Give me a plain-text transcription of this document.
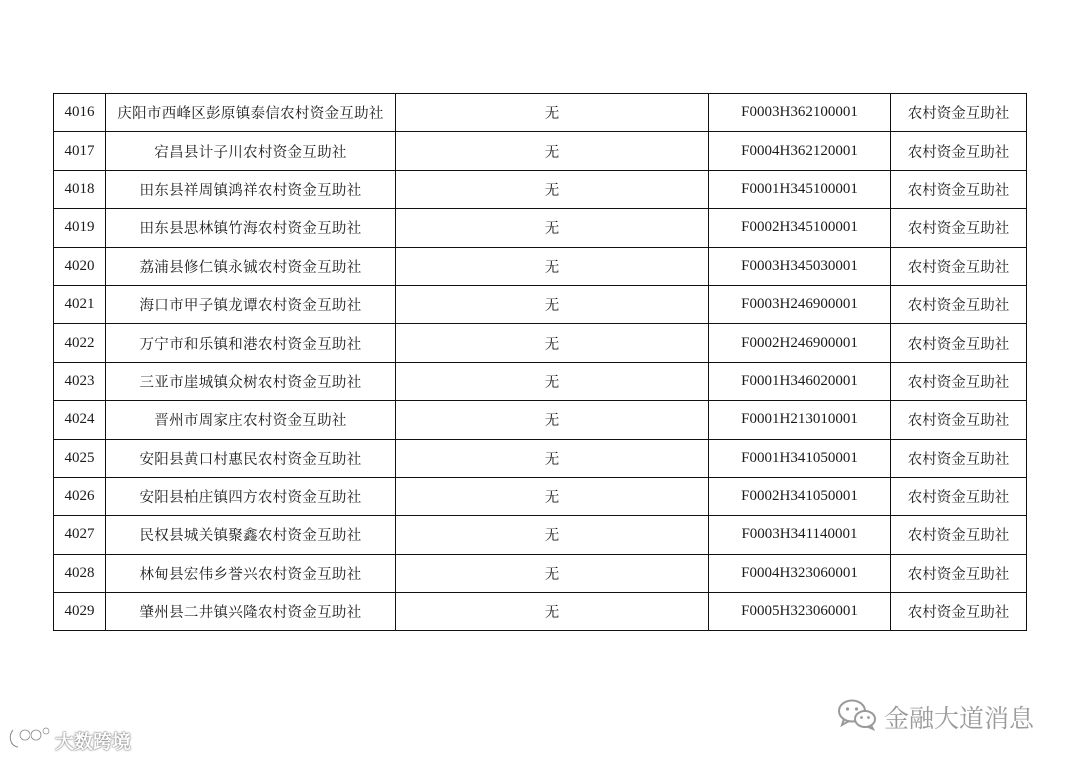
4016	庆阳市西峰区彭原镇泰信农村资金互助社	无	F0003H362100001	农村资金互助社
4017	宕昌县计子川农村资金互助社	无	F0004H362120001	农村资金互助社
4018	田东县祥周镇鸿祥农村资金互助社	无	F0001H345100001	农村资金互助社
4019	田东县思林镇竹海农村资金互助社	无	F0002H345100001	农村资金互助社
4020	荔浦县修仁镇永铖农村资金互助社	无	F0003H345030001	农村资金互助社
4021	海口市甲子镇龙谭农村资金互助社	无	F0003H246900001	农村资金互助社
4022	万宁市和乐镇和港农村资金互助社	无	F0002H246900001	农村资金互助社
4023	三亚市崖城镇众树农村资金互助社	无	F0001H346020001	农村资金互助社
4024	晋州市周家庄农村资金互助社	无	F0001H213010001	农村资金互助社
4025	安阳县黄口村惠民农村资金互助社	无	F0001H341050001	农村资金互助社
4026	安阳县柏庄镇四方农村资金互助社	无	F0002H341050001	农村资金互助社
4027	民权县城关镇聚鑫农村资金互助社	无	F0003H341140001	农村资金互助社
4028	林甸县宏伟乡誉兴农村资金互助社	无	F0004H323060001	农村资金互助社
4029	肇州县二井镇兴隆农村资金互助社	无	F0005H323060001	农村资金互助社
金融大道消息
大数跨境
